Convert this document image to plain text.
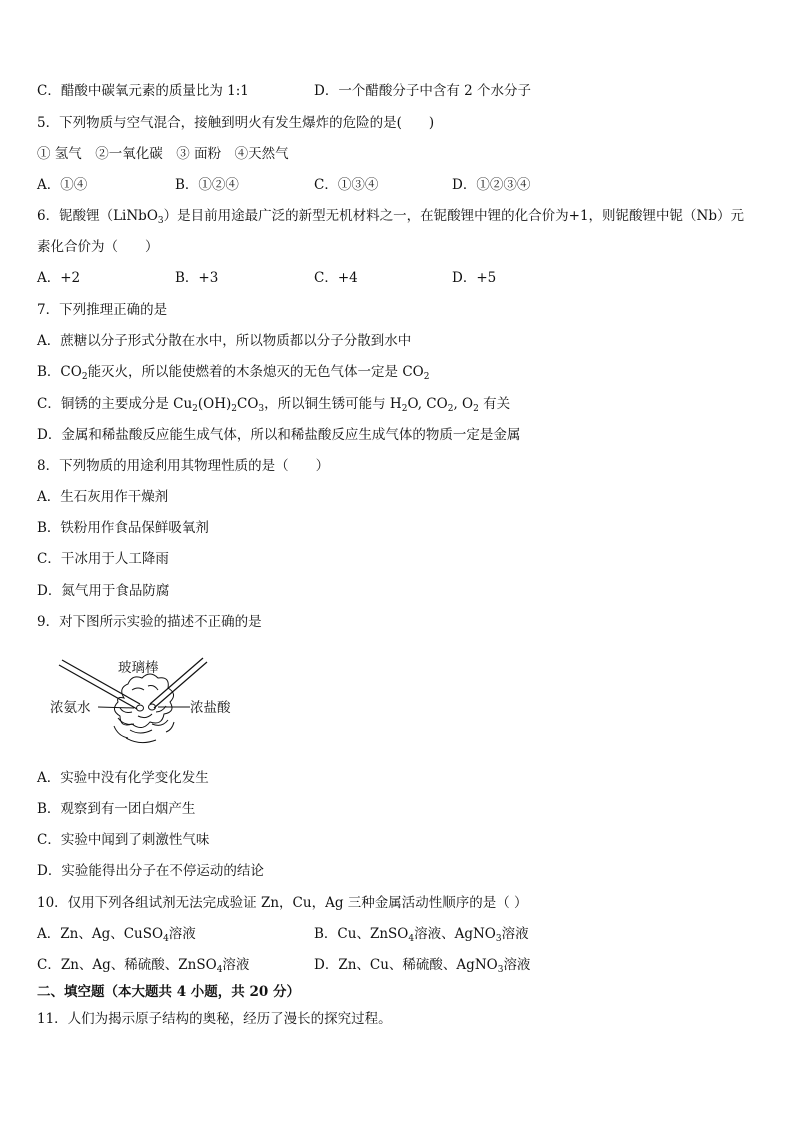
C．醋酸中碳氧元素的质量比为 1:1	D．一个醋酸分子中含有 2 个水分子
5．下列物质与空气混合，接触到明火有发生爆炸的危险的是(　　)
① 氢气　②一氧化碳　③ 面粉　④天然气
A．①④	B．①②④	C．①③④	D．①②③④
6．铌酸锂（LiNbO$_3$）是目前用途最广泛的新型无机材料之一，在铌酸锂中锂的化合价为+1，则铌酸锂中铌（Nb）元
素化合价为（　　）
A．+2	B．+3	C．+4	D．+5
7．下列推理正确的是
A．蔗糖以分子形式分散在水中，所以物质都以分子分散到水中
B．$CO_2$能灭火，所以能使燃着的木条熄灭的无色气体一定是 $CO_2$
C．铜锈的主要成分是 $Cu_2(OH)_2CO_3$，所以铜生锈可能与 $H_2O$, $CO_2$, $O_2$ 有关
D．金属和稀盐酸反应能生成气体，所以和稀盐酸反应生成气体的物质一定是金属
8．下列物质的用途利用其物理性质的是（　　）
A．生石灰用作干燥剂
B．铁粉用作食品保鲜吸氧剂
C．干冰用于人工降雨
D．氮气用于食品防腐
9．对下图所示实验的描述不正确的是
玻璃棒
浓氨水	浓盐酸
A．实验中没有化学变化发生
B．观察到有一团白烟产生
C．实验中闻到了刺激性气味
D．实验能得出分子在不停运动的结论
10．仅用下列各组试剂无法完成验证 Zn，Cu，Ag 三种金属活动性顺序的是（ ）
A．Zn、Ag、CuSO$_4$溶液	B．Cu、ZnSO$_4$溶液、AgNO$_3$溶液
C．Zn、Ag、稀硫酸、ZnSO$_4$溶液	D．Zn、Cu、稀硫酸、AgNO$_3$溶液
二、填空题（本大题共 4 小题，共 20 分）
11．人们为揭示原子结构的奥秘，经历了漫长的探究过程。
